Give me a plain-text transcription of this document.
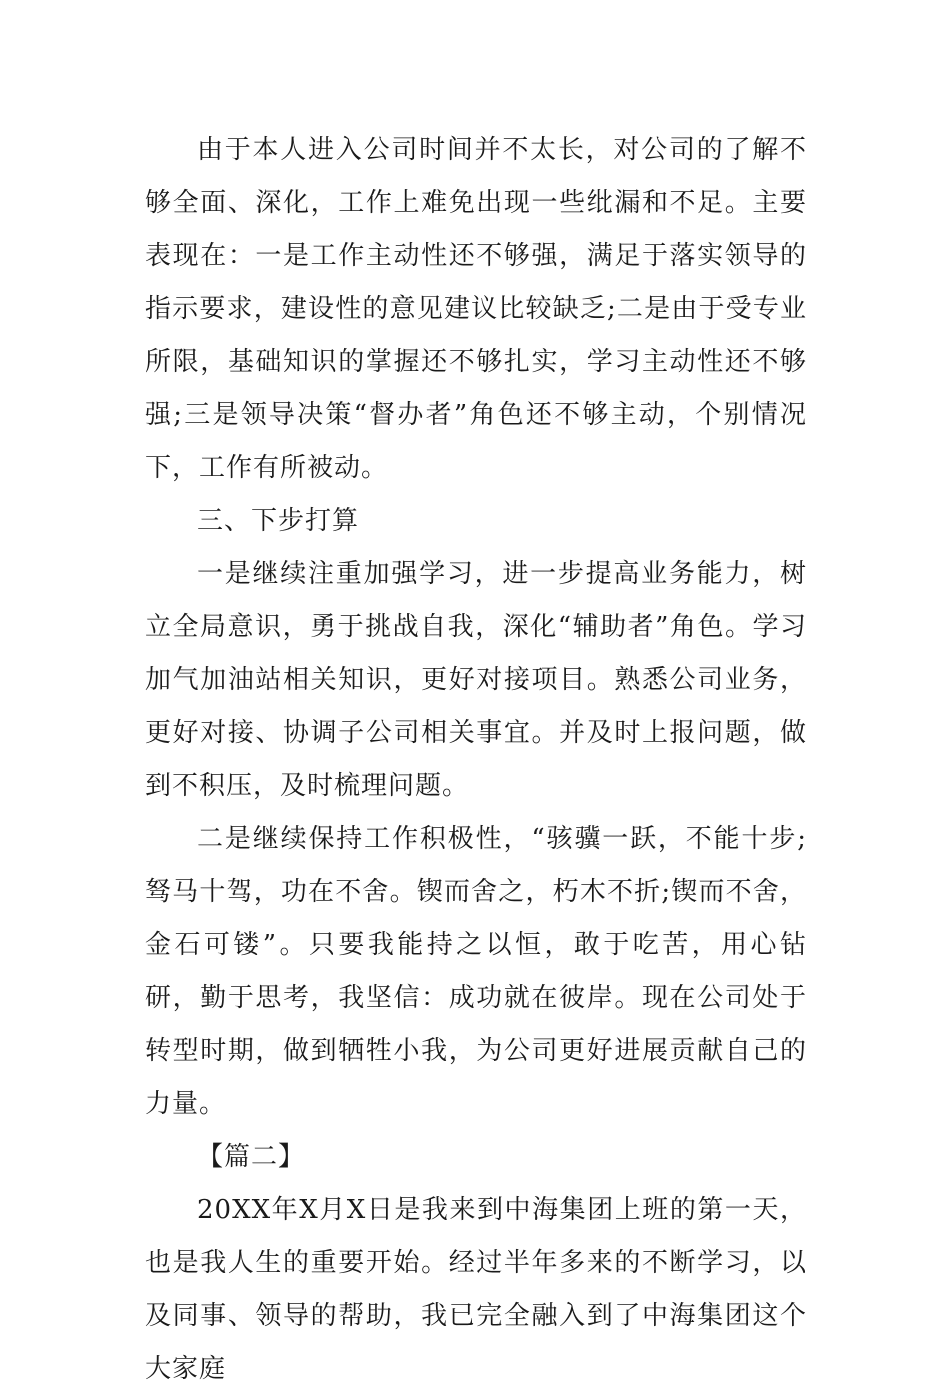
由于本人进入公司时间并不太长，对公司的了解不够全面、深化，工作上难免出现一些纰漏和不足。主要表现在：一是工作主动性还不够强，满足于落实领导的指示要求，建设性的意见建议比较缺乏;二是由于受专业所限，基础知识的掌握还不够扎实，学习主动性还不够强;三是领导决策“督办者”角色还不够主动，个别情况下，工作有所被动。

三、下步打算

一是继续注重加强学习，进一步提高业务能力，树立全局意识，勇于挑战自我，深化“辅助者”角色。学习加气加油站相关知识，更好对接项目。熟悉公司业务，更好对接、协调子公司相关事宜。并及时上报问题，做到不积压，及时梳理问题。

二是继续保持工作积极性，“骇骥一跃，不能十步;驽马十驾，功在不舍。锲而舍之，朽木不折;锲而不舍，金石可镂”。只要我能持之以恒，敢于吃苦，用心钻研，勤于思考，我坚信：成功就在彼岸。现在公司处于转型时期，做到牺牲小我，为公司更好进展贡献自己的力量。

【篇二】

20XX年X月X日是我来到中海集团上班的第一天，也是我人生的重要开始。经过半年多来的不断学习，以及同事、领导的帮助，我已完全融入到了中海集团这个大家庭
